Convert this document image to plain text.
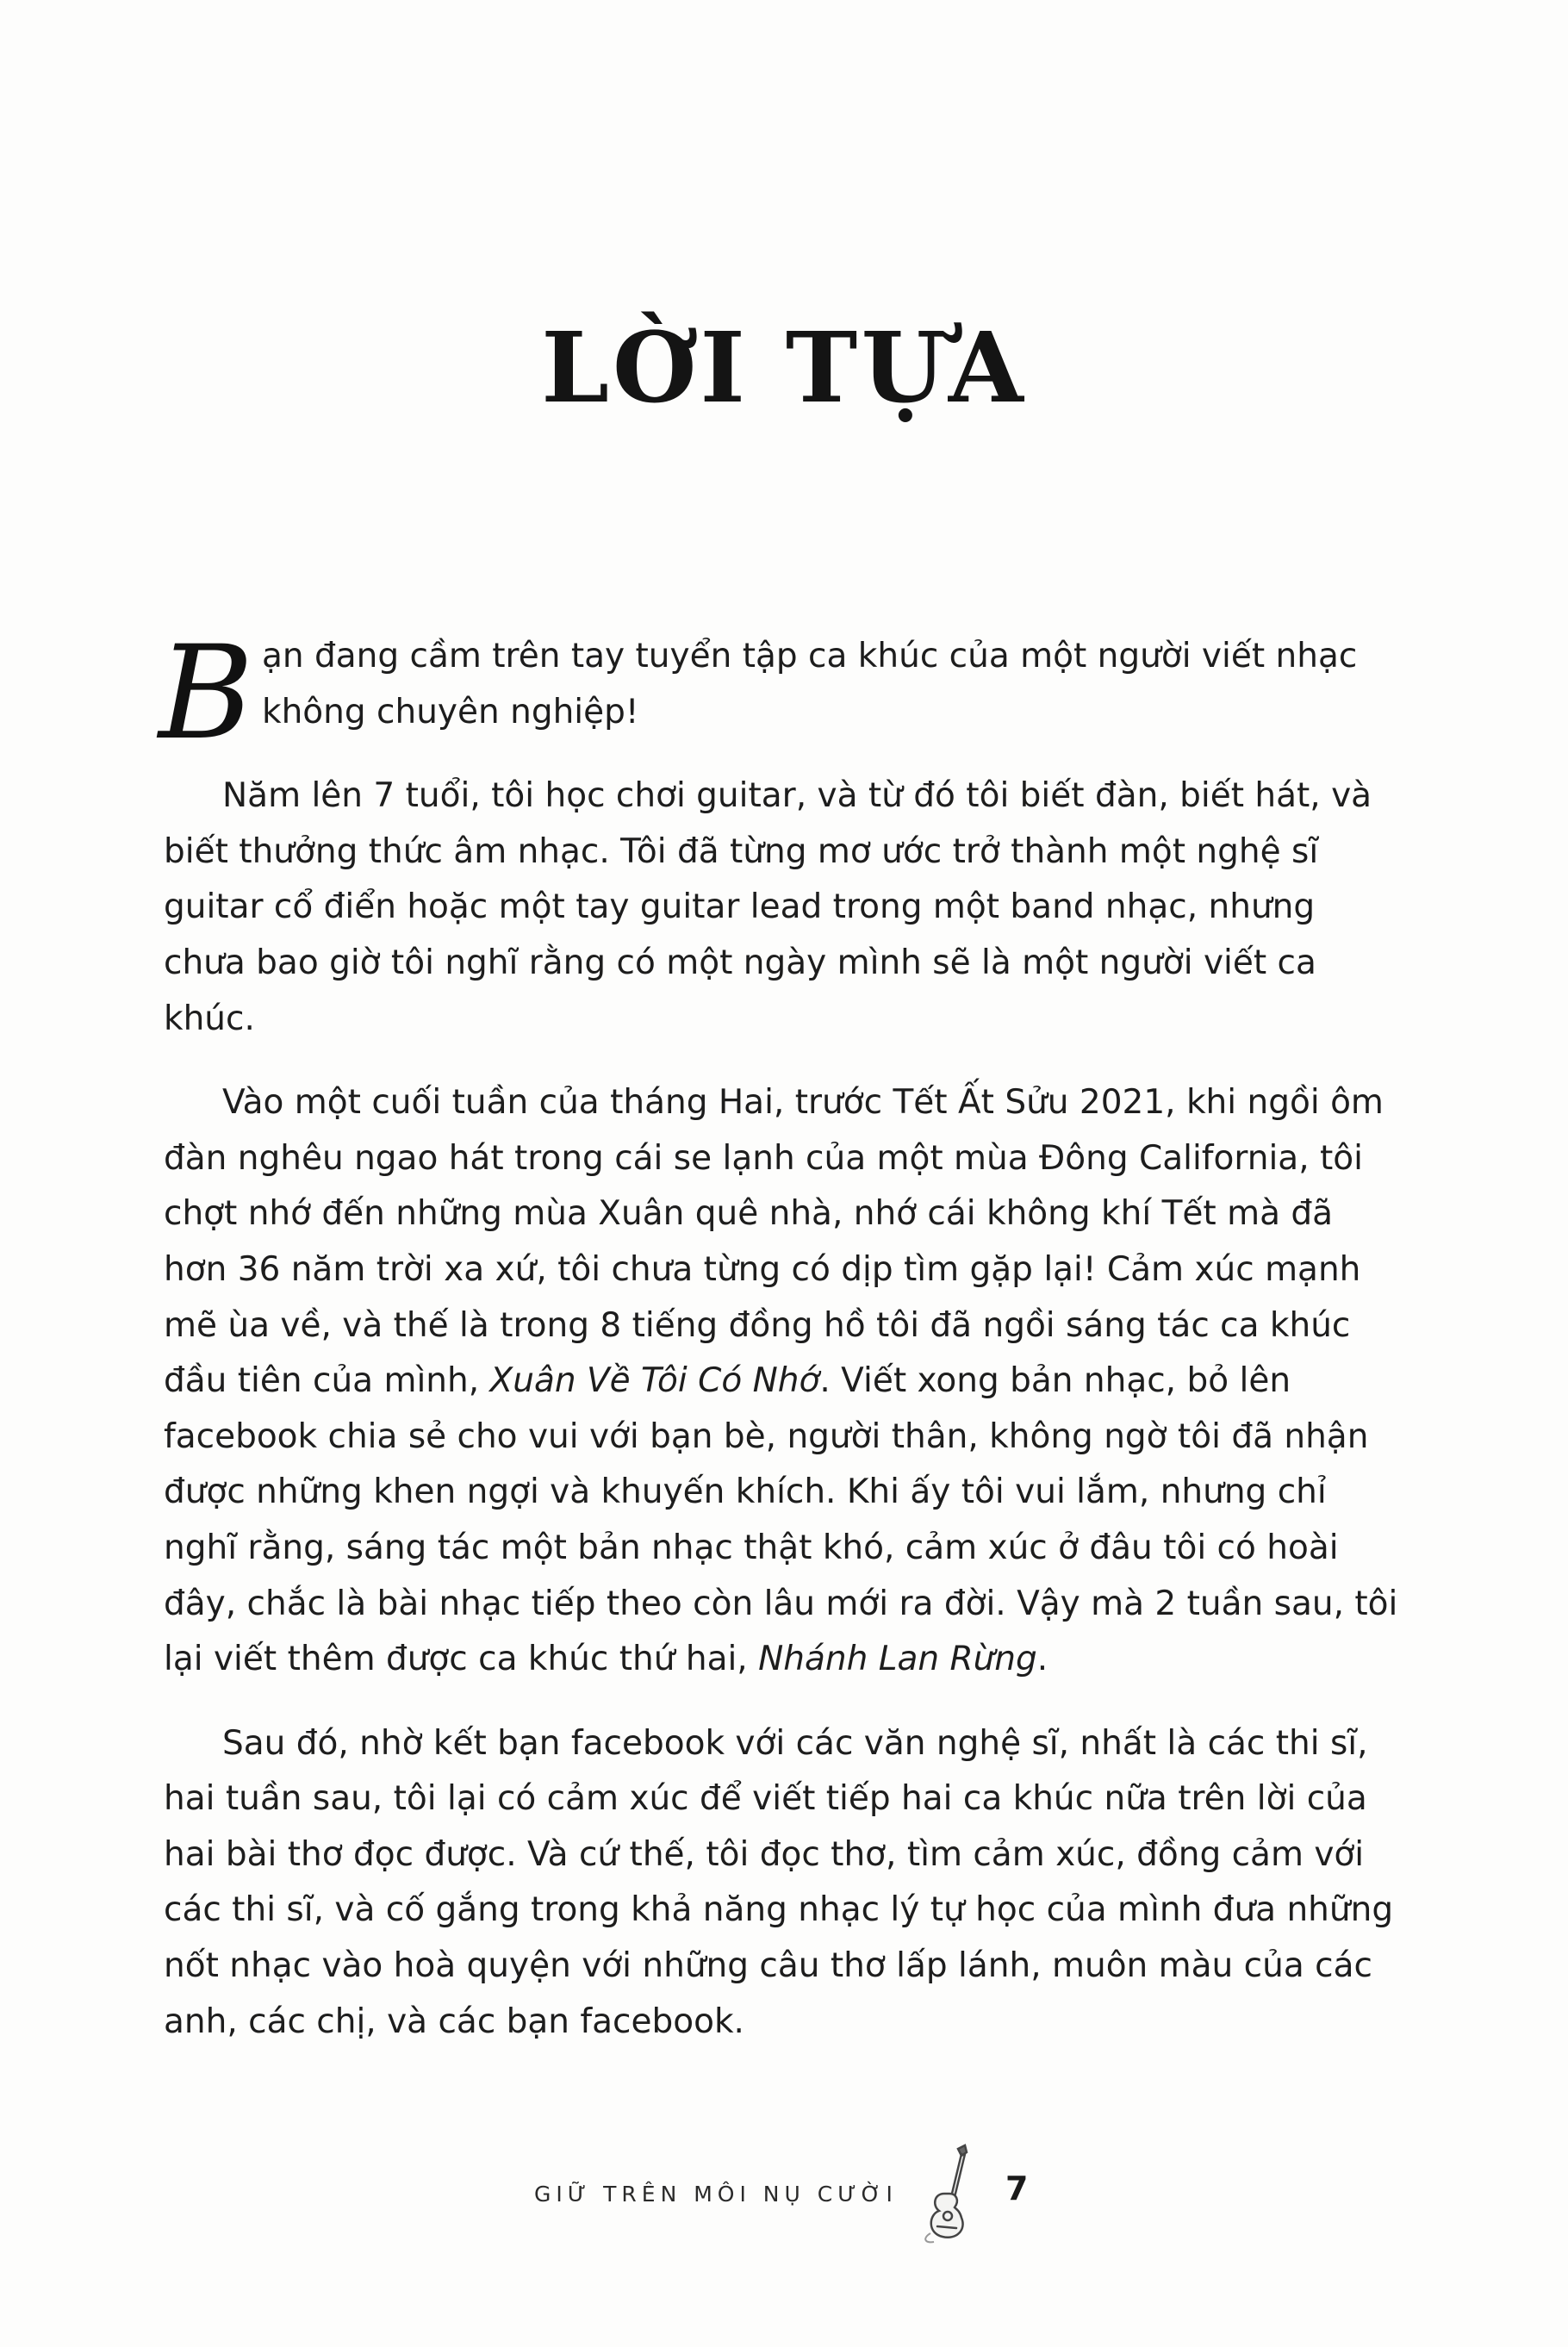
LỜI TỰA

Bạn đang cầm trên tay tuyển tập ca khúc của một người viết nhạc không chuyên nghiệp!

Năm lên 7 tuổi, tôi học chơi guitar, và từ đó tôi biết đàn, biết hát, và biết thưởng thức âm nhạc. Tôi đã từng mơ ước trở thành một nghệ sĩ guitar cổ điển hoặc một tay guitar lead trong một band nhạc, nhưng chưa bao giờ tôi nghĩ rằng có một ngày mình sẽ là một người viết ca khúc.

Vào một cuối tuần của tháng Hai, trước Tết Ất Sửu 2021, khi ngồi ôm đàn nghêu ngao hát trong cái se lạnh của một mùa Đông California, tôi chợt nhớ đến những mùa Xuân quê nhà, nhớ cái không khí Tết mà đã hơn 36 năm trời xa xứ, tôi chưa từng có dịp tìm gặp lại! Cảm xúc mạnh mẽ ùa về, và thế là trong 8 tiếng đồng hồ tôi đã ngồi sáng tác ca khúc đầu tiên của mình, Xuân Về Tôi Có Nhớ. Viết xong bản nhạc, bỏ lên facebook chia sẻ cho vui với bạn bè, người thân, không ngờ tôi đã nhận được những khen ngợi và khuyến khích. Khi ấy tôi vui lắm, nhưng chỉ nghĩ rằng, sáng tác một bản nhạc thật khó, cảm xúc ở đâu tôi có hoài đây, chắc là bài nhạc tiếp theo còn lâu mới ra đời. Vậy mà 2 tuần sau, tôi lại viết thêm được ca khúc thứ hai, Nhánh Lan Rừng.

Sau đó, nhờ kết bạn facebook với các văn nghệ sĩ, nhất là các thi sĩ, hai tuần sau, tôi lại có cảm xúc để viết tiếp hai ca khúc nữa trên lời của hai bài thơ đọc được. Và cứ thế, tôi đọc thơ, tìm cảm xúc, đồng cảm với các thi sĩ, và cố gắng trong khả năng nhạc lý tự học của mình đưa những nốt nhạc vào hoà quyện với những câu thơ lấp lánh, muôn màu của các anh, các chị, và các bạn facebook.

GIỮ TRÊN MÔI NỤ CƯỜI	7
